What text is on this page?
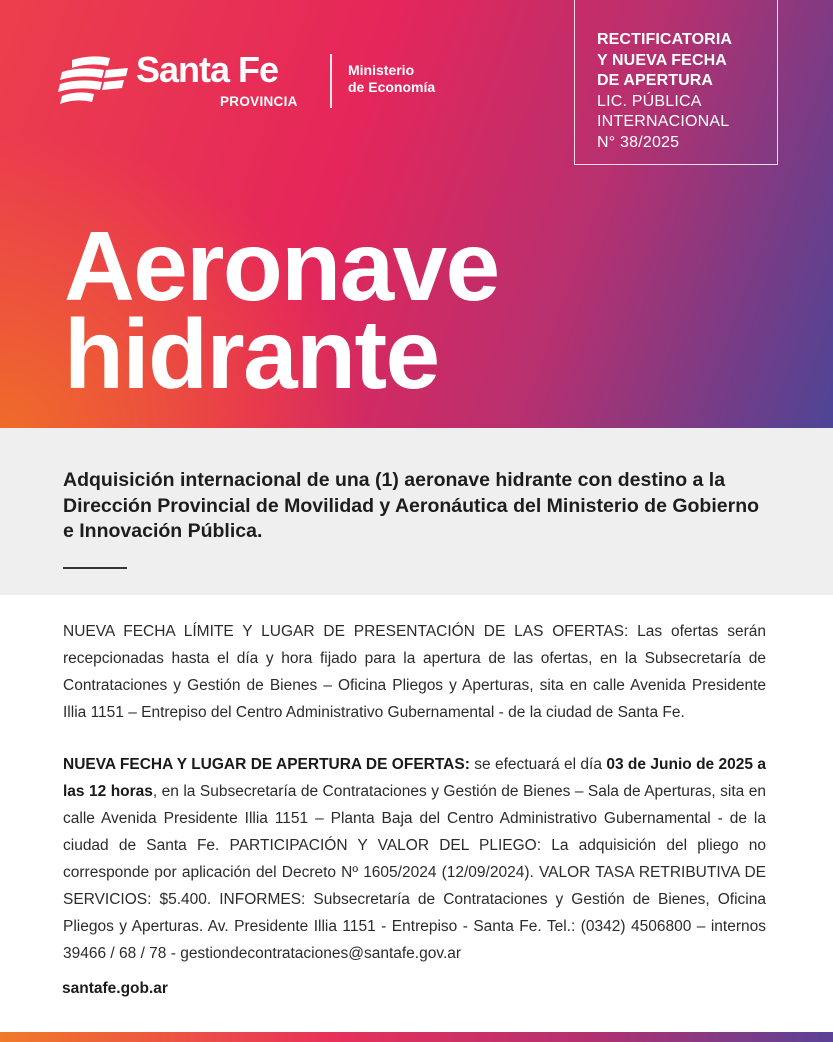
Santa Fe
PROVINCIA
Ministerio
de Economía
RECTIFICATORIA
Y NUEVA FECHA
DE APERTURA
LIC. PÚBLICA
INTERNACIONAL
N° 38/2025
Aeronave
hidrante
Adquisición internacional de una (1) aeronave hidrante con destino a la Dirección Provincial de Movilidad y Aeronáutica del Ministerio de Gobierno e Innovación Pública.
NUEVA FECHA LÍMITE Y LUGAR DE PRESENTACIÓN DE LAS OFERTAS: Las ofertas serán recepcionadas hasta el día y hora fijado para la apertura de las ofertas, en la Subsecretaría de Contrataciones y Gestión de Bienes – Oficina Pliegos y Aperturas, sita en calle Avenida Presidente Illia 1151 – Entrepiso del Centro Administrativo Gubernamental - de la ciudad de Santa Fe.
NUEVA FECHA Y LUGAR DE APERTURA DE OFERTAS: se efectuará el día 03 de Junio de 2025 a las 12 horas, en la Subsecretaría de Contrataciones y Gestión de Bienes – Sala de Aperturas, sita en calle Avenida Presidente Illia 1151 – Planta Baja del Centro Administrativo Gubernamental - de la ciudad de Santa Fe. PARTICIPACIÓN Y VALOR DEL PLIEGO: La adquisición del pliego no corresponde por aplicación del Decreto Nº 1605/2024 (12/09/2024). VALOR TASA RETRIBUTIVA DE SERVICIOS: $5.400. INFORMES: Subsecretaría de Contrataciones y Gestión de Bienes, Oficina Pliegos y Aperturas. Av. Presidente Illia 1151 - Entrepiso - Santa Fe. Tel.: (0342) 4506800 – internos 39466 / 68 / 78 - gestiondecontrataciones@santafe.gov.ar
santafe.gob.ar
